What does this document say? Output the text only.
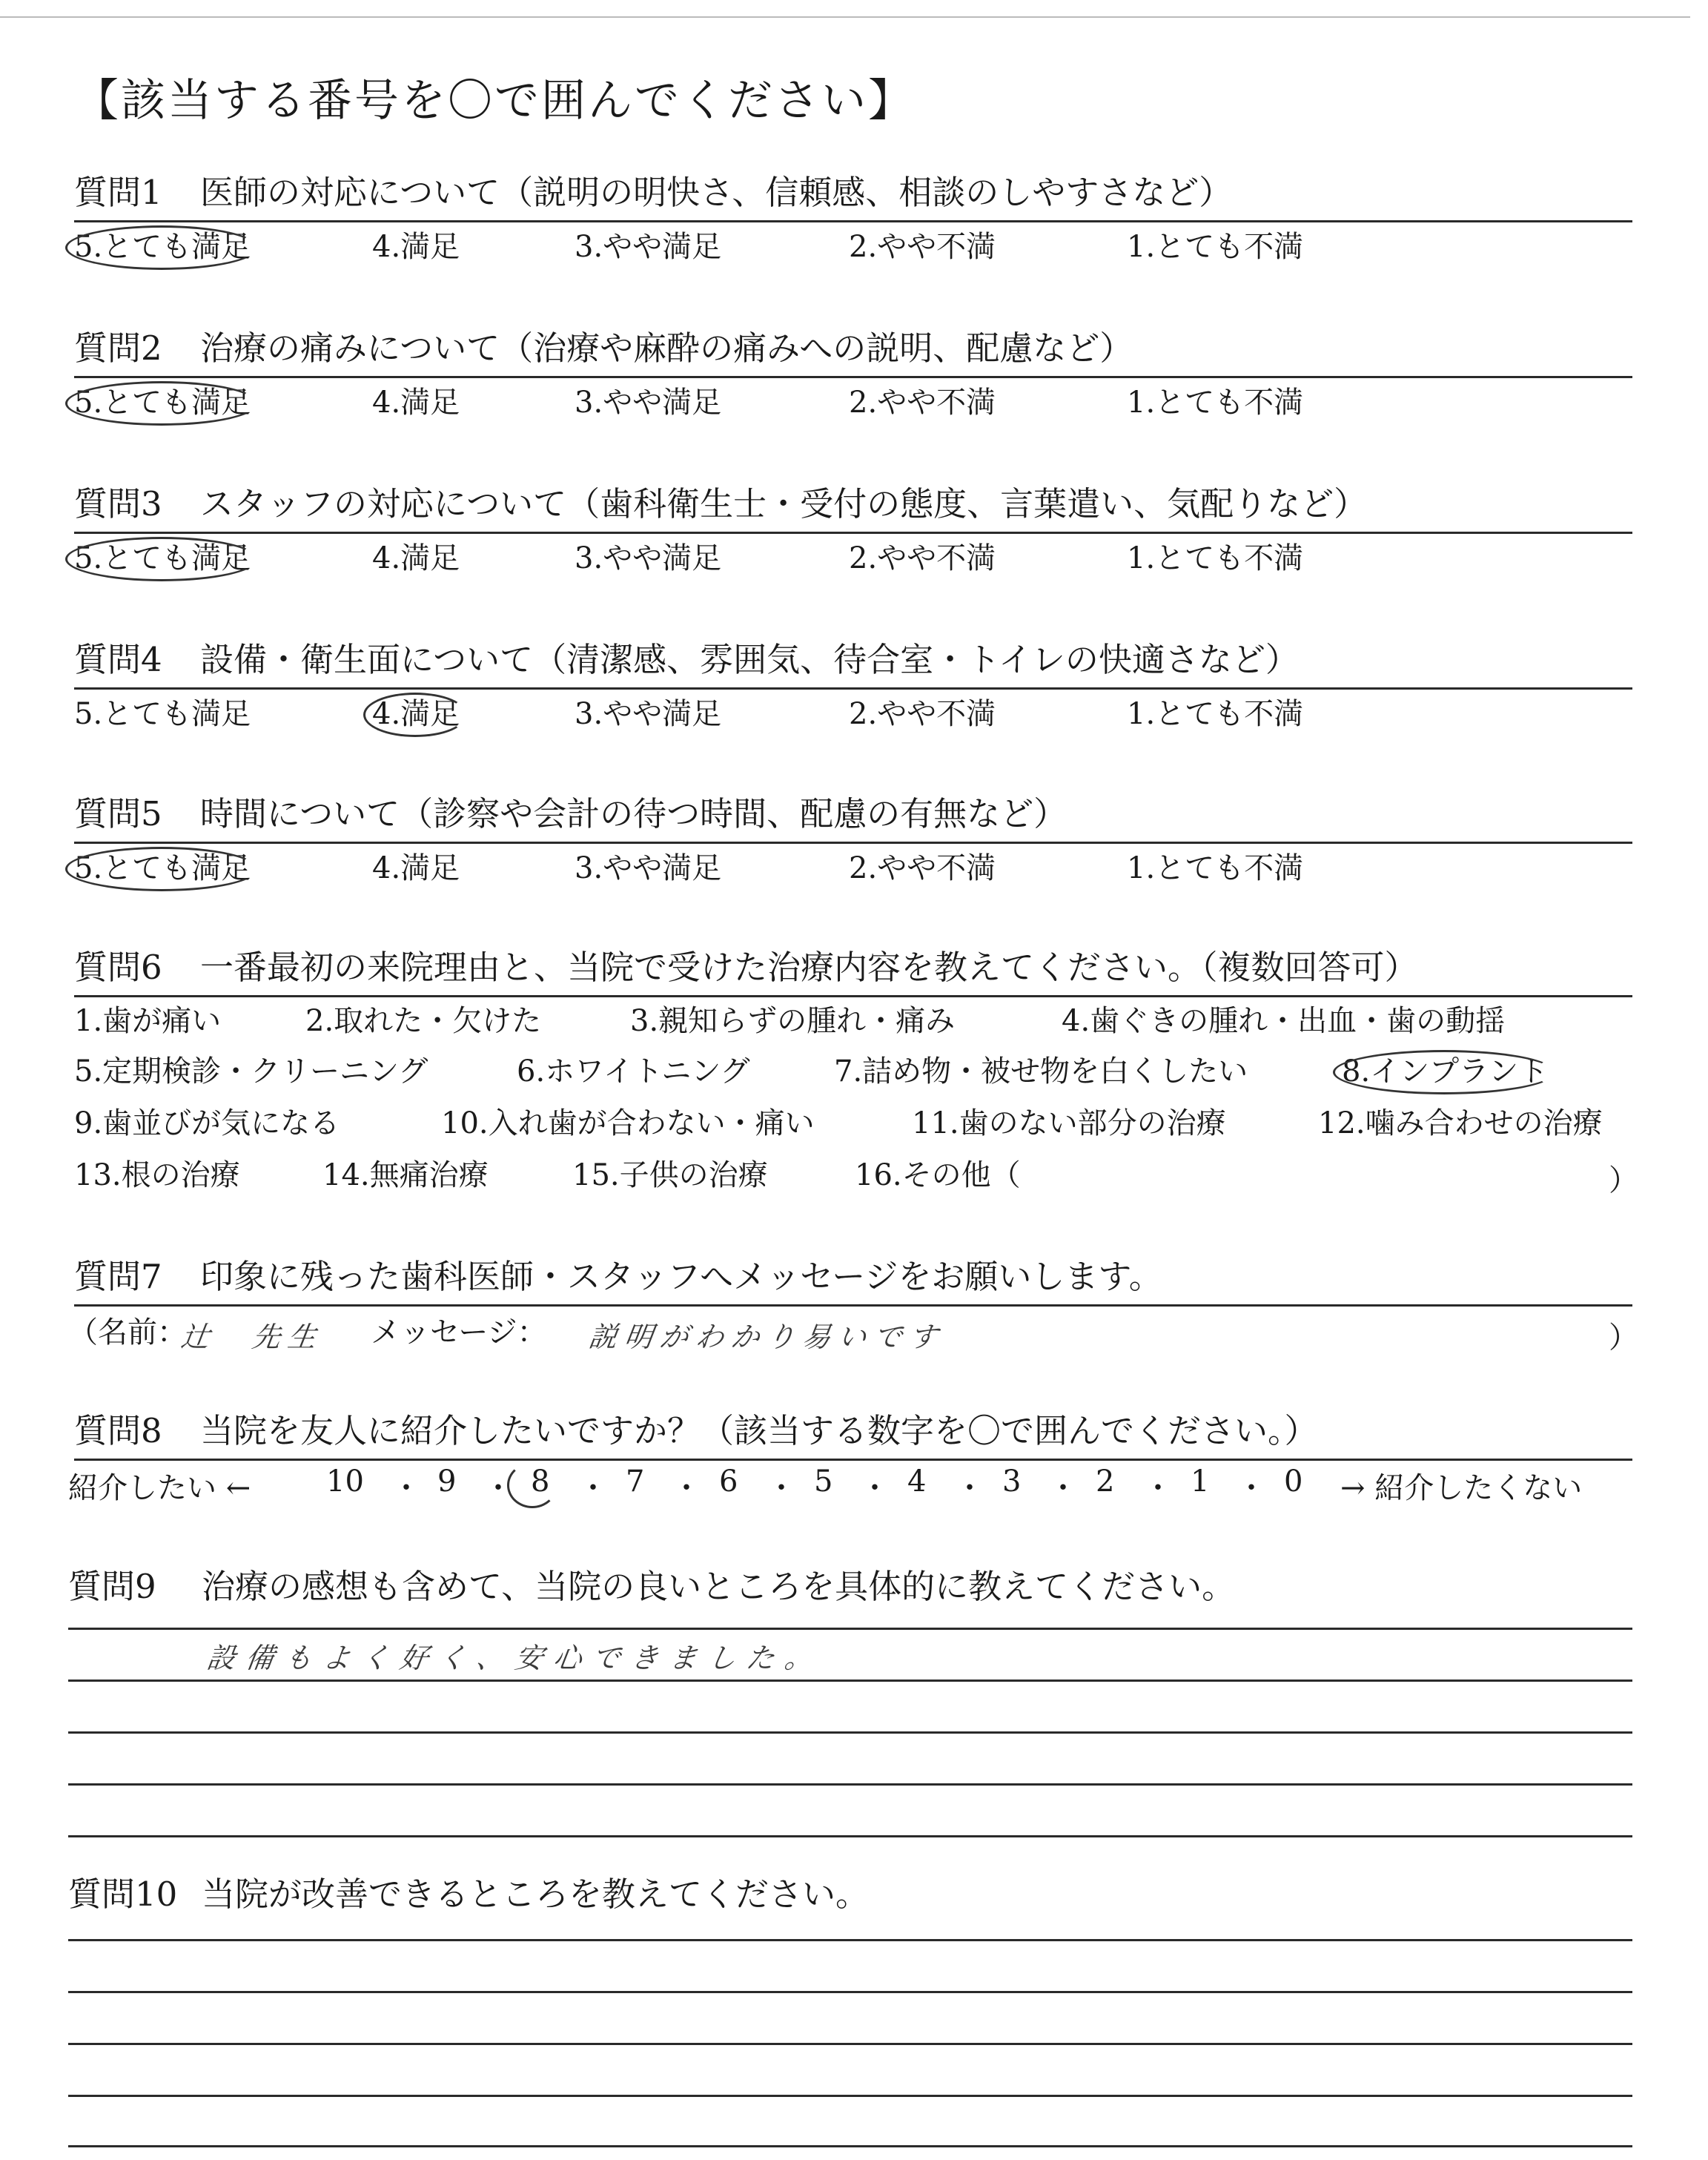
【該当する番号を〇で囲んでください】
質問1 医師の対応について（説明の明快さ、信頼感、相談のしやすさなど）
5.とても満足	4.満足	3.やや満足	2.やや不満	1.とても不満
質問2 治療の痛みについて（治療や麻酔の痛みへの説明、配慮など）
5.とても満足	4.満足	3.やや満足	2.やや不満	1.とても不満
質問3 スタッフの対応について（歯科衛生士・受付の態度、言葉遣い、気配りなど）
5.とても満足	4.満足	3.やや満足	2.やや不満	1.とても不満
質問4 設備・衛生面について（清潔感、雰囲気、待合室・トイレの快適さなど）
5.とても満足	4.満足	3.やや満足	2.やや不満	1.とても不満
質問5 時間について（診察や会計の待つ時間、配慮の有無など）
5.とても満足	4.満足	3.やや満足	2.やや不満	1.とても不満
質問6 一番最初の来院理由と、当院で受けた治療内容を教えてください。（複数回答可）
1.歯が痛い	2.取れた・欠けた	3.親知らずの腫れ・痛み	4.歯ぐきの腫れ・出血・歯の動揺
5.定期検診・クリーニング	6.ホワイトニング	7.詰め物・被せ物を白くしたい	8.インプラント
9.歯並びが気になる	10.入れ歯が合わない・痛い	11.歯のない部分の治療	12.噛み合わせの治療
13.根の治療	14.無痛治療	15.子供の治療	16.その他（	）
質問7 印象に残った歯科医師・スタッフへメッセージをお願いします。
（名前：
辻　先生 メッセージ： 説明がわかり易いです	）
質問8 当院を友人に紹介したいですか？（該当する数字を〇で囲んでください。）
紹介したい ←	10 ・ 9 ・ 8 ・ 7 ・ 6 ・ 5 ・ 4 ・ 3 ・ 2 ・ 1 ・ 0 → 紹介したくない
質問9 治療の感想も含めて、当院の良いところを具体的に教えてください。
設備もよく好く、安心できました。
質問10 当院が改善できるところを教えてください。
